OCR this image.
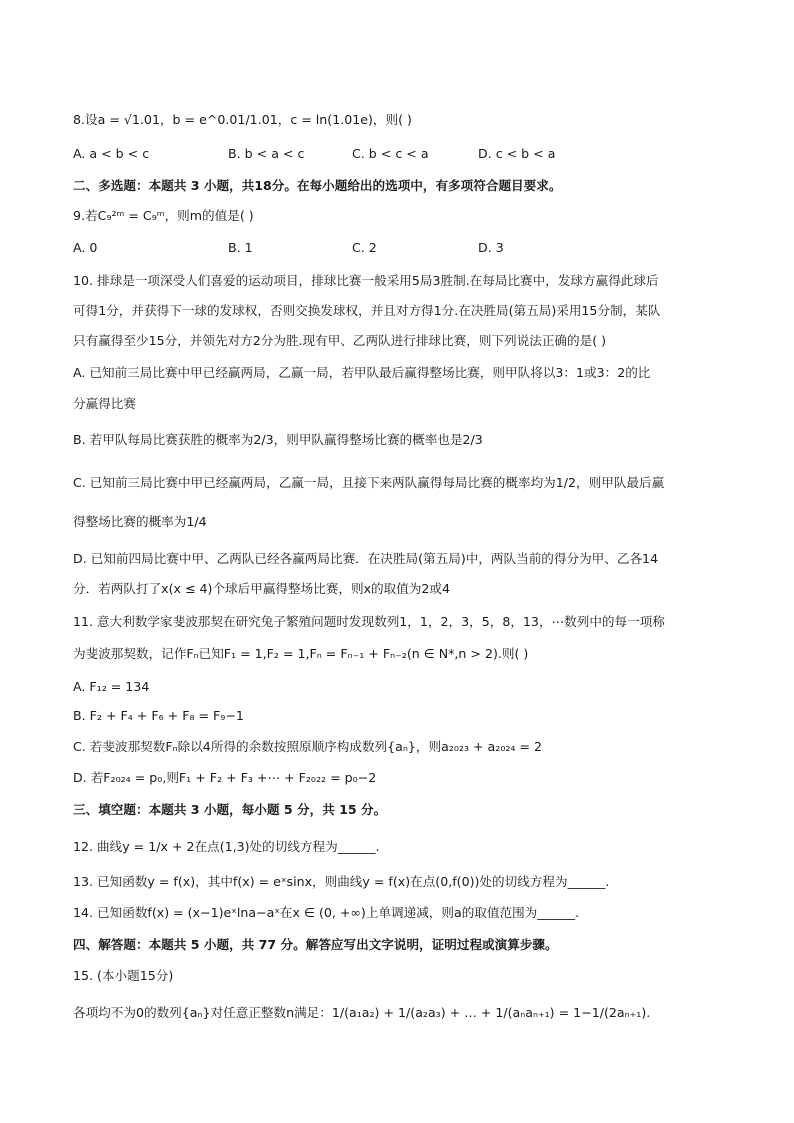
8.设a = √1.01，b = e^0.01/1.01，c = ln(1.01e)，则( )
A. a < b < c	B. b < a < c	C. b < c < a	D. c < b < a
二、多选题：本题共 3 小题，共18分。在每小题给出的选项中，有多项符合题目要求。
9.若C₉²ᵐ = C₉ᵐ，则m的值是( )
A. 0	B. 1	C. 2	D. 3
10. 排球是一项深受人们喜爱的运动项目，排球比赛一般采用5局3胜制.在每局比赛中，发球方赢得此球后
可得1分，并获得下一球的发球权，否则交换发球权，并且对方得1分.在决胜局(第五局)采用15分制，某队
只有赢得至少15分，并领先对方2分为胜.现有甲、乙两队进行排球比赛，则下列说法正确的是( )
A. 已知前三局比赛中甲已经赢两局，乙赢一局，若甲队最后赢得整场比赛，则甲队将以3：1或3：2的比
分赢得比赛
B. 若甲队每局比赛获胜的概率为2/3，则甲队赢得整场比赛的概率也是2/3
C. 已知前三局比赛中甲已经赢两局，乙赢一局，且接下来两队赢得每局比赛的概率均为1/2，则甲队最后赢
得整场比赛的概率为1/4
D. 已知前四局比赛中甲、乙两队已经各赢两局比赛．在决胜局(第五局)中，两队当前的得分为甲、乙各14
分．若两队打了x(x ≤ 4)个球后甲赢得整场比赛，则x的取值为2或4
11. 意大利数学家斐波那契在研究兔子繁殖问题时发现数列1，1，2，3，5，8，13，⋯数列中的每一项称
为斐波那契数，记作Fₙ已知F₁ = 1,F₂ = 1,Fₙ = Fₙ₋₁ + Fₙ₋₂(n ∈ N*,n > 2).则( )
A. F₁₂ = 134
B. F₂ + F₄ + F₆ + F₈ = F₉−1
C. 若斐波那契数Fₙ除以4所得的余数按照原顺序构成数列{aₙ}，则a₂₀₂₃ + a₂₀₂₄ = 2
D. 若F₂₀₂₄ = p₀,则F₁ + F₂ + F₃ +⋯ + F₂₀₂₂ = p₀−2
三、填空题：本题共 3 小题，每小题 5 分，共 15 分。
12. 曲线y = 1/x + 2在点(1,3)处的切线方程为______.
13. 已知函数y = f(x)，其中f(x) = eˣsinx，则曲线y = f(x)在点(0,f(0))处的切线方程为______.
14. 已知函数f(x) = (x−1)eˣlna−aˣ在x ∈ (0, +∞)上单调递减，则a的取值范围为______.
四、解答题：本题共 5 小题，共 77 分。解答应写出文字说明，证明过程或演算步骤。
15. (本小题15分)
各项均不为0的数列{aₙ}对任意正整数n满足：1/(a₁a₂) + 1/(a₂a₃) + … + 1/(aₙaₙ₊₁) = 1−1/(2aₙ₊₁).
